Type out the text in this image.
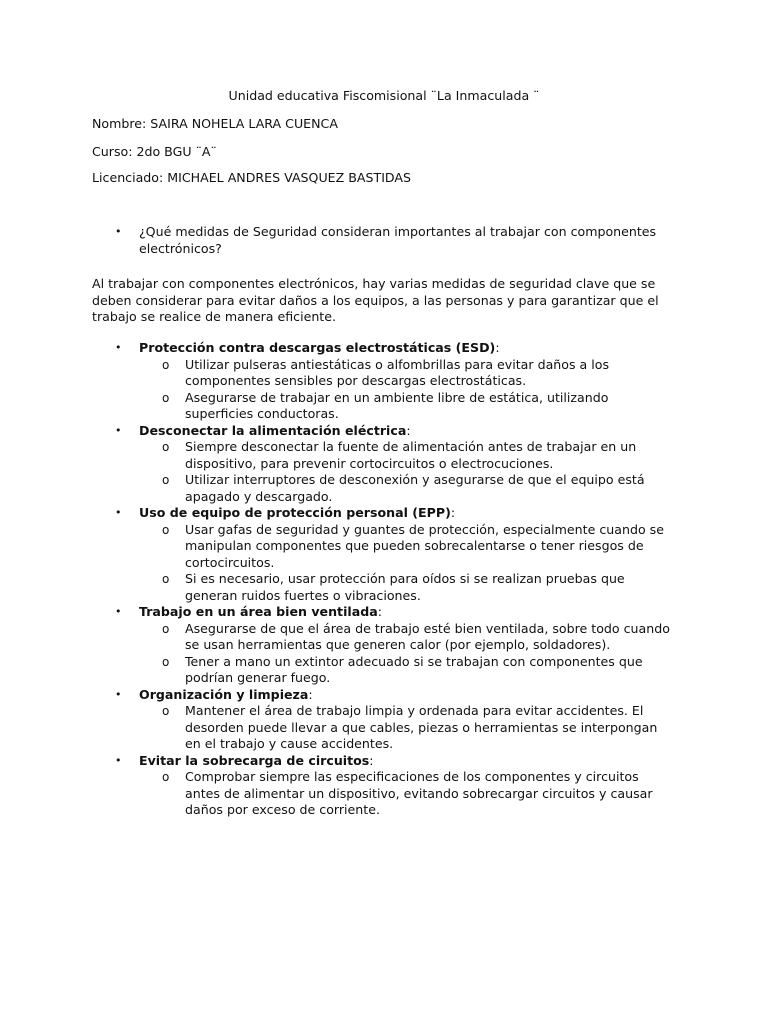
Unidad educativa Fiscomisional ¨La Inmaculada ¨
Nombre: SAIRA NOHELA LARA CUENCA
Curso: 2do BGU ¨A¨
Licenciado: MICHAEL ANDRES VASQUEZ BASTIDAS
• ¿Qué medidas de Seguridad consideran importantes al trabajar con componentes electrónicos?
Al trabajar con componentes electrónicos, hay varias medidas de seguridad clave que se deben considerar para evitar daños a los equipos, a las personas y para garantizar que el trabajo se realice de manera eficiente.
• Protección contra descargas electrostáticas (ESD):
o Utilizar pulseras antiestáticas o alfombrillas para evitar daños a los componentes sensibles por descargas electrostáticas.
o Asegurarse de trabajar en un ambiente libre de estática, utilizando superficies conductoras.
• Desconectar la alimentación eléctrica:
o Siempre desconectar la fuente de alimentación antes de trabajar en un dispositivo, para prevenir cortocircuitos o electrocuciones.
o Utilizar interruptores de desconexión y asegurarse de que el equipo está apagado y descargado.
• Uso de equipo de protección personal (EPP):
o Usar gafas de seguridad y guantes de protección, especialmente cuando se manipulan componentes que pueden sobrecalentarse o tener riesgos de cortocircuitos.
o Si es necesario, usar protección para oídos si se realizan pruebas que generan ruidos fuertes o vibraciones.
• Trabajo en un área bien ventilada:
o Asegurarse de que el área de trabajo esté bien ventilada, sobre todo cuando se usan herramientas que generen calor (por ejemplo, soldadores).
o Tener a mano un extintor adecuado si se trabajan con componentes que podrían generar fuego.
• Organización y limpieza:
o Mantener el área de trabajo limpia y ordenada para evitar accidentes. El desorden puede llevar a que cables, piezas o herramientas se interpongan en el trabajo y cause accidentes.
• Evitar la sobrecarga de circuitos:
o Comprobar siempre las especificaciones de los componentes y circuitos antes de alimentar un dispositivo, evitando sobrecargar circuitos y causar daños por exceso de corriente.
